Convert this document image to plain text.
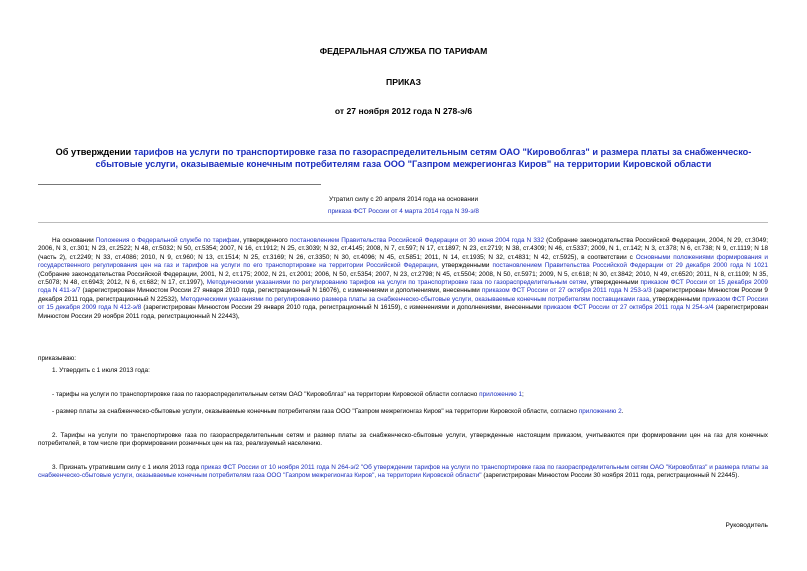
ФЕДЕРАЛЬНАЯ СЛУЖБА ПО ТАРИФАМ
ПРИКАЗ
от 27 ноября 2012 года N 278-э/6
Об утверждении тарифов на услуги по транспортировке газа по газораспределительным сетям ОАО "Кировоблгаз" и размера платы за снабженческо-сбытовые услуги, оказываемые конечным потребителям газа ООО "Газпром межрегионгаз Киров" на территории Кировской области
Утратил силу с 20 апреля 2014 года на основании
приказа ФСТ России от 4 марта 2014 года N 39-э/8
На основании Положения о Федеральной службе по тарифам, утвержденного постановлением Правительства Российской Федерации от 30 июня 2004 года N 332 (Собрание законодательства Российской Федерации, 2004, N 29, ст.3049; 2006, N 3, ст.301; N 23, ст.2522; N 48, ст.5032; N 50, ст.5354; 2007, N 16, ст.1912; N 25, ст.3039; N 32, ст.4145; 2008, N 7, ст.597; N 17, ст.1897; N 23, ст.2719; N 38, ст.4309; N 46, ст.5337; 2009, N 1, ст.142; N 3, ст.378; N 6, ст.738; N 9, ст.1119; N 18 (часть 2), ст.2249; N 33, ст.4086; 2010, N 9, ст.960; N 13, ст.1514; N 25, ст.3169; N 26, ст.3350; N 30, ст.4096; N 45, ст.5851; 2011, N 14, ст.1935; N 32, ст.4831; N 42, ст.5925), в соответствии с Основными положениями формирования и государственного регулирования цен на газ и тарифов на услуги по его транспортировке на территории Российской Федерации, утвержденными постановлением Правительства Российской Федерации от 29 декабря 2000 года N 1021 (Собрание законодательства Российской Федерации, 2001, N 2, ст.175; 2002, N 21, ст.2001; 2006, N 50, ст.5354; 2007, N 23, ст.2798; N 45, ст.5504; 2008, N 50, ст.5971; 2009, N 5, ст.618; N 30, ст.3842; 2010, N 49, ст.6520; 2011, N 8, ст.1109; N 35, ст.5078; N 48, ст.6943; 2012, N 6, ст.682; N 17, ст.1997), Методическими указаниями по регулированию тарифов на услуги по транспортировке газа по газораспределительным сетям, утвержденными приказом ФСТ России от 15 декабря 2009 года N 411-э/7 (зарегистрирован Минюстом России 27 января 2010 года, регистрационный N 16076), с изменениями и дополнениями, внесенными приказом ФСТ России от 27 октября 2011 года N 253-э/3 (зарегистрирован Минюстом России 9 декабря 2011 года, регистрационный N 22532), Методическими указаниями по регулированию размера платы за снабженческо-сбытовые услуги, оказываемые конечным потребителям поставщиками газа, утвержденными приказом ФСТ России от 15 декабря 2009 года N 412-э/8 (зарегистрирован Минюстом России 29 января 2010 года, регистрационный N 16159), с изменениями и дополнениями, внесенными приказом ФСТ России от 27 октября 2011 года N 254-э/4 (зарегистрирован Минюстом России 29 ноября 2011 года, регистрационный N 22443),
приказываю:
1. Утвердить с 1 июля 2013 года:
- тарифы на услуги по транспортировке газа по газораспределительным сетям ОАО "Кировоблгаз" на территории Кировской области согласно приложению 1;
- размер платы за снабженческо-сбытовые услуги, оказываемые конечным потребителям газа ООО "Газпром межрегионгаз Киров" на территории Кировской области, согласно приложению 2.
2. Тарифы на услуги по транспортировке газа по газораспределительным сетям и размер платы за снабженческо-сбытовые услуги, утвержденные настоящим приказом, учитываются при формировании цен на газ для конечных потребителей, в том числе при формировании розничных цен на газ, реализуемый населению.
3. Признать утратившим силу с 1 июля 2013 года приказ ФСТ России от 10 ноября 2011 года N 264-э/2 "Об утверждении тарифов на услуги по транспортировке газа по газораспределительным сетям ОАО "Кировоблгаз" и размера платы за снабженческо-сбытовые услуги, оказываемые конечным потребителям газа ООО "Газпром межрегионгаз Киров", на территории Кировской области" (зарегистрирован Минюстом России 30 ноября 2011 года, регистрационный N 22445).
Руководитель
